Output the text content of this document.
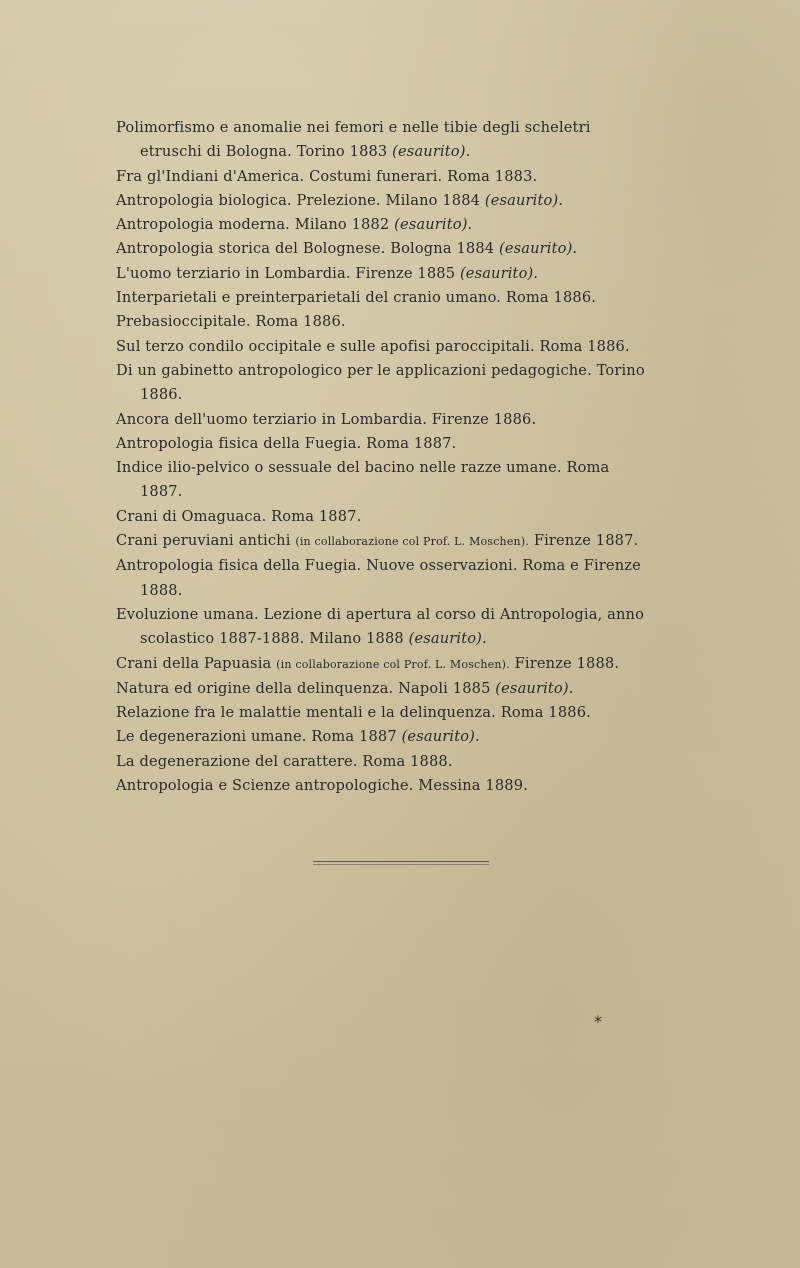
Polimorfismo e anomalie nei femori e nelle tibie degli scheletri etruschi di Bologna. Torino 1883 (esaurito).
Fra gl'Indiani d'America. Costumi funerari. Roma 1883.
Antropologia biologica. Prelezione. Milano 1884 (esaurito).
Antropologia moderna. Milano 1882 (esaurito).
Antropologia storica del Bolognese. Bologna 1884 (esaurito).
L'uomo terziario in Lombardia. Firenze 1885 (esaurito).
Interparietali e preinterparietali del cranio umano. Roma 1886.
Prebasioccipitale. Roma 1886.
Sul terzo condilo occipitale e sulle apofisi paroccipitali. Roma 1886.
Di un gabinetto antropologico per le applicazioni pedagogiche. Torino 1886.
Ancora dell'uomo terziario in Lombardia. Firenze 1886.
Antropologia fisica della Fuegia. Roma 1887.
Indice ilio-pelvico o sessuale del bacino nelle razze umane. Roma 1887.
Crani di Omaguaca. Roma 1887.
Crani peruviani antichi (in collaborazione col Prof. L. Moschen). Firenze 1887.
Antropologia fisica della Fuegia. Nuove osservazioni. Roma e Firenze 1888.
Evoluzione umana. Lezione di apertura al corso di Antropologia, anno scolastico 1887-1888. Milano 1888 (esaurito).
Crani della Papuasia (in collaborazione col Prof. L. Moschen). Firenze 1888.
Natura ed origine della delinquenza. Napoli 1885 (esaurito).
Relazione fra le malattie mentali e la delinquenza. Roma 1886.
Le degenerazioni umane. Roma 1887 (esaurito).
La degenerazione del carattere. Roma 1888.
Antropologia e Scienze antropologiche. Messina 1889.
*
